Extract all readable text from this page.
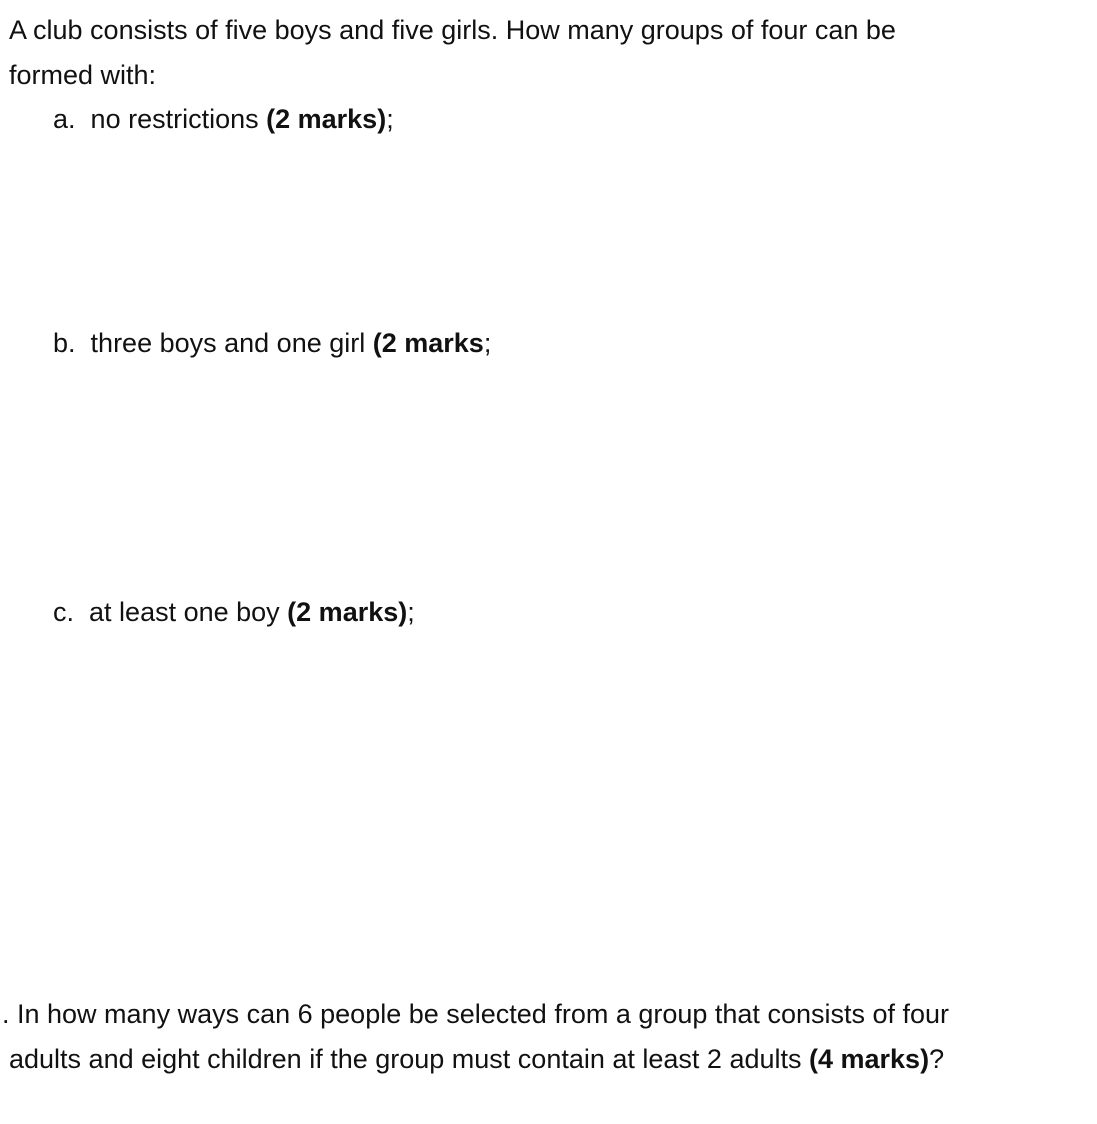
A club consists of five boys and five girls. How many groups of four can be
formed with:
a. no restrictions (2 marks);
b. three boys and one girl (2 marks;
c. at least one boy (2 marks);
. In how many ways can 6 people be selected from a group that consists of four
adults and eight children if the group must contain at least 2 adults (4 marks)?
